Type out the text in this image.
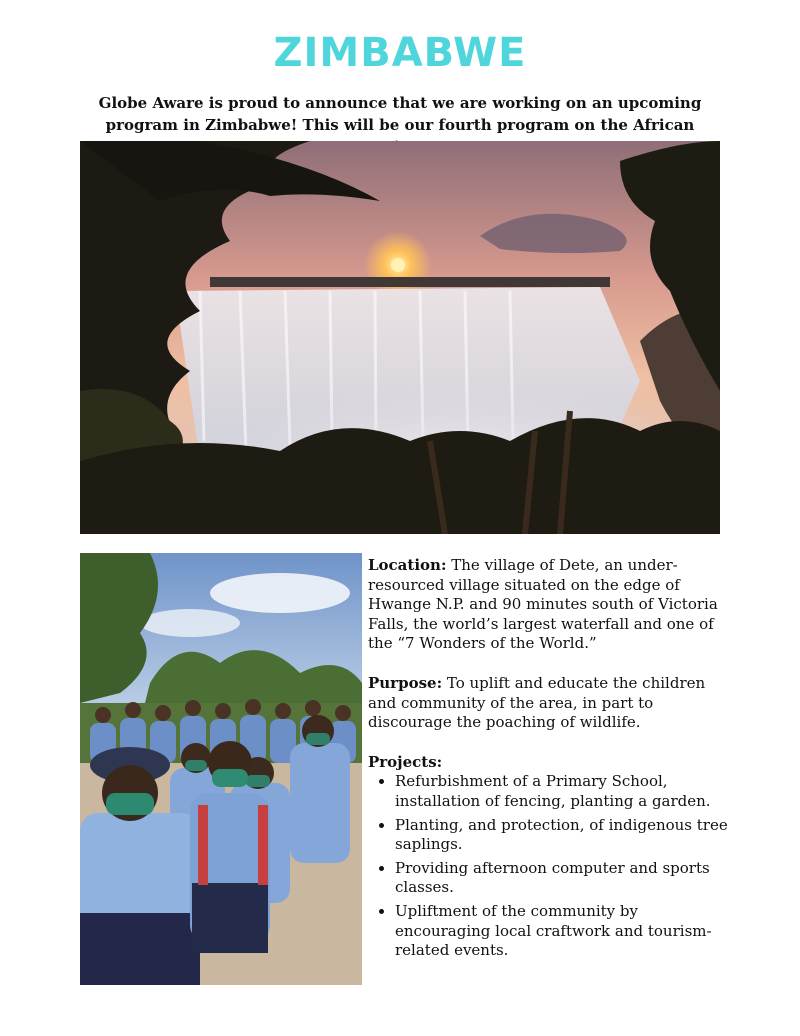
ZIMBABWE

Globe Aware is proud to announce that we are working on an upcoming program in Zimbabwe! This will be our fourth program on the African

Location: The village of Dete, an under-resourced village situated on the edge of Hwange N.P. and 90 minutes south of Victoria Falls, the world’s largest waterfall and one of the “7 Wonders of the World.”

Purpose: To uplift and educate the children and community of the area, in part to discourage the poaching of wildlife.

Projects:
• Refurbishment of a Primary School, installation of fencing, planting a garden.
• Planting, and protection, of indigenous tree saplings.
• Providing afternoon computer and sports classes.
• Upliftment of the community by encouraging local craftwork and tourism-related events.
